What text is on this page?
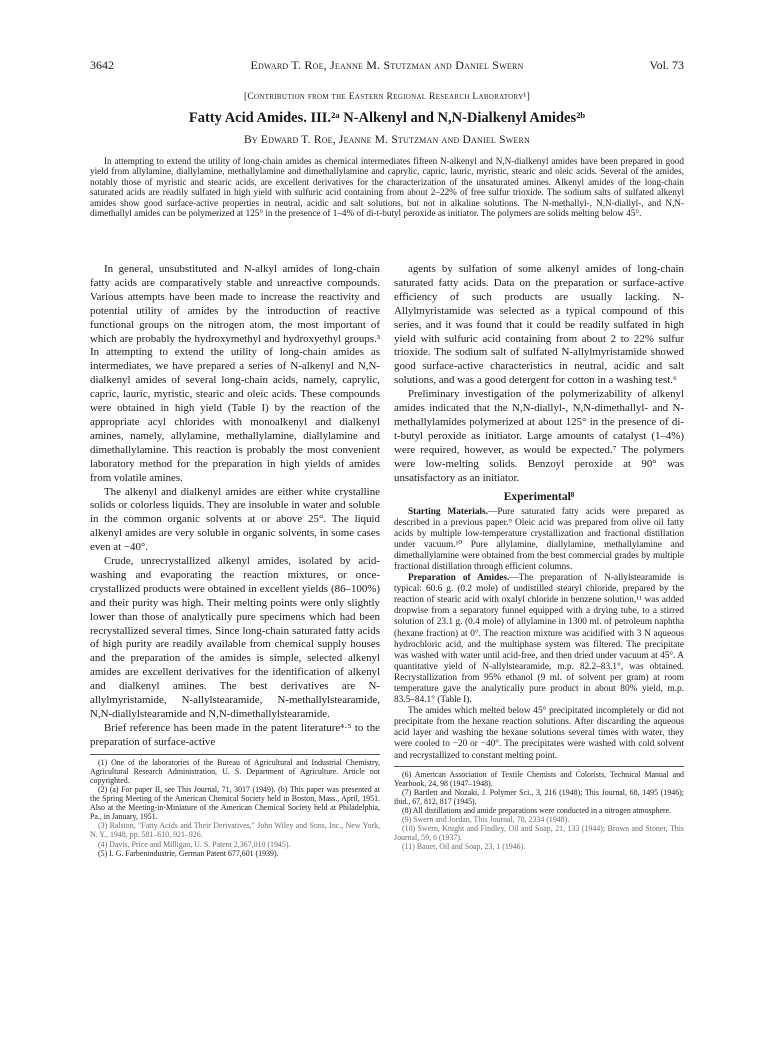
3642	Edward T. Roe, Jeanne M. Stutzman and Daniel Swern	Vol. 73
[Contribution from the Eastern Regional Research Laboratory¹]
Fatty Acid Amides. III.²ᵃ N-Alkenyl and N,N-Dialkenyl Amides²ᵇ
By Edward T. Roe, Jeanne M. Stutzman and Daniel Swern

In attempting to extend the utility of long-chain amides as chemical intermediates fifteen N-alkenyl and N,N-dialkenyl amides have been prepared in good yield from allylamine, diallylamine, methallylamine and dimethallylamine and caprylic, capric, lauric, myristic, stearic and oleic acids. Several of the amides, notably those of myristic and stearic acids, are excellent derivatives for the characterization of the unsaturated amines. Alkenyl amides of the long-chain saturated acids are readily sulfated in high yield with sulfuric acid containing from about 2–22% of free sulfur trioxide. The sodium salts of sulfated alkenyl amides show good surface-active properties in neutral, acidic and salt solutions, but not in alkaline solutions. The N-methallyl-, N,N-diallyl-, and N,N-dimethallyl amides can be polymerized at 125° in the presence of 1–4% of di-t-butyl peroxide as initiator. The polymers are solids melting below 45°.

In general, unsubstituted and N-alkyl amides of long-chain fatty acids are comparatively stable and unreactive compounds. Various attempts have been made to increase the reactivity and potential utility of amides by the introduction of reactive functional groups on the nitrogen atom, the most important of which are probably the hydroxymethyl and hydroxyethyl groups.³ In attempting to extend the utility of long-chain amides as intermediates, we have prepared a series of N-alkenyl and N,N-dialkenyl amides of several long-chain acids, namely, caprylic, capric, lauric, myristic, stearic and oleic acids. These compounds were obtained in high yield (Table I) by the reaction of the appropriate acyl chlorides with monoalkenyl and dialkenyl amines, namely, allylamine, methallylamine, diallylamine and dimethallylamine. This reaction is probably the most convenient laboratory method for the preparation in high yields of amides from volatile amines.

The alkenyl and dialkenyl amides are either white crystalline solids or colorless liquids. They are insoluble in water and soluble in the common organic solvents at or above 25°. The liquid alkenyl amides are very soluble in organic solvents, in some cases even at −40°.

Crude, unrecrystallized alkenyl amides, isolated by acid-washing and evaporating the reaction mixtures, or once-crystallized products were obtained in excellent yields (86–100%) and their purity was high. Their melting points were only slightly lower than those of analytically pure specimens which had been recrystallized several times. Since long-chain saturated fatty acids of high purity are readily available from chemical supply houses and the preparation of the amides is simple, selected alkenyl amides are excellent derivatives for the identification of alkenyl and dialkenyl amines. The best derivatives are N-allylmyristamide, N-allylstearamide, N-methallylstearamide, N,N-diallylstearamide and N,N-dimethallylstearamide.

Brief reference has been made in the patent literature⁴·⁵ to the preparation of surface-active

(1) One of the laboratories of the Bureau of Agricultural and Industrial Chemistry, Agricultural Research Administration, U. S. Department of Agriculture. Article not copyrighted.

(2) (a) For paper II, see This Journal, 71, 3017 (1949). (b) This paper was presented at the Spring Meeting of the American Chemical Society held in Boston, Mass., April, 1951. Also at the Meeting-in-Miniature of the American Chemical Society held at Philadelphia, Pa., in January, 1951.

(3) Ralston, "Fatty Acids and Their Derivatives," John Wiley and Sons, Inc., New York, N. Y., 1948, pp. 581–610, 921–926.

(4) Davis, Price and Milligan, U. S. Patent 2,367,010 (1945).

(5) I. G. Farbenindustrie, German Patent 677,601 (1939).

agents by sulfation of some alkenyl amides of long-chain saturated fatty acids. Data on the preparation or surface-active efficiency of such products are usually lacking. N-Allylmyristamide was selected as a typical compound of this series, and it was found that it could be readily sulfated in high yield with sulfuric acid containing from about 2 to 22% sulfur trioxide. The sodium salt of sulfated N-allylmyristamide showed good surface-active characteristics in neutral, acidic and salt solutions, and was a good detergent for cotton in a washing test.⁶

Preliminary investigation of the polymerizability of alkenyl amides indicated that the N,N-diallyl-, N,N-dimethallyl- and N-methallylamides polymerized at about 125° in the presence of di-t-butyl peroxide as initiator. Large amounts of catalyst (1–4%) were required, however, as would be expected.⁷ The polymers were low-melting solids. Benzoyl peroxide at 90° was unsatisfactory as an initiator.

Experimental⁸

Starting Materials.—Pure saturated fatty acids were prepared as described in a previous paper.⁹ Oleic acid was prepared from olive oil fatty acids by multiple low-temperature crystallization and fractional distillation under vacuum.¹⁰ Pure allylamine, diallylamine, methallylamine and dimethallylamine were obtained from the best commercial grades by multiple fractional distillation through efficient columns.

Preparation of Amides.—The preparation of N-allylstearamide is typical: 60.6 g. (0.2 mole) of undistilled stearyl chloride, prepared by the reaction of stearic acid with oxalyl chloride in benzene solution,¹¹ was added dropwise from a separatory funnel equipped with a drying tube, to a stirred solution of 23.1 g. (0.4 mole) of allylamine in 1300 ml. of petroleum naphtha (hexane fraction) at 0°. The reaction mixture was acidified with 3 N aqueous hydrochloric acid, and the multiphase system was filtered. The precipitate was washed with water until acid-free, and then dried under vacuum at 45°. A quantitative yield of N-allylstearamide, m.p. 82.2–83.1°, was obtained. Recrystallization from 95% ethanol (9 ml. of solvent per gram) at room temperature gave the analytically pure product in about 80% yield, m.p. 83.5–84.1° (Table I).

The amides which melted below 45° precipitated incompletely or did not precipitate from the hexane reaction solutions. After discarding the aqueous acid layer and washing the hexane solutions several times with water, they were cooled to −20 or −40°. The precipitates were washed with cold solvent and recrystallized to constant melting point.

(6) American Association of Textile Chemists and Colorists, Technical Manual and Yearbook, 24, 98 (1947–1948).

(7) Bartlett and Nozaki, J. Polymer Sci., 3, 216 (1948); This Journal, 68, 1495 (1946); ibid., 67, 812, 817 (1945).

(8) All distillations and amide preparations were conducted in a nitrogen atmosphere.

(9) Swern and Jordan, This Journal, 70, 2334 (1948).

(10) Swern, Knight and Findley, Oil and Soap, 21, 133 (1944); Brown and Stoner, This Journal, 59, 6 (1937).

(11) Bauer, Oil and Soap, 23, 1 (1946).
